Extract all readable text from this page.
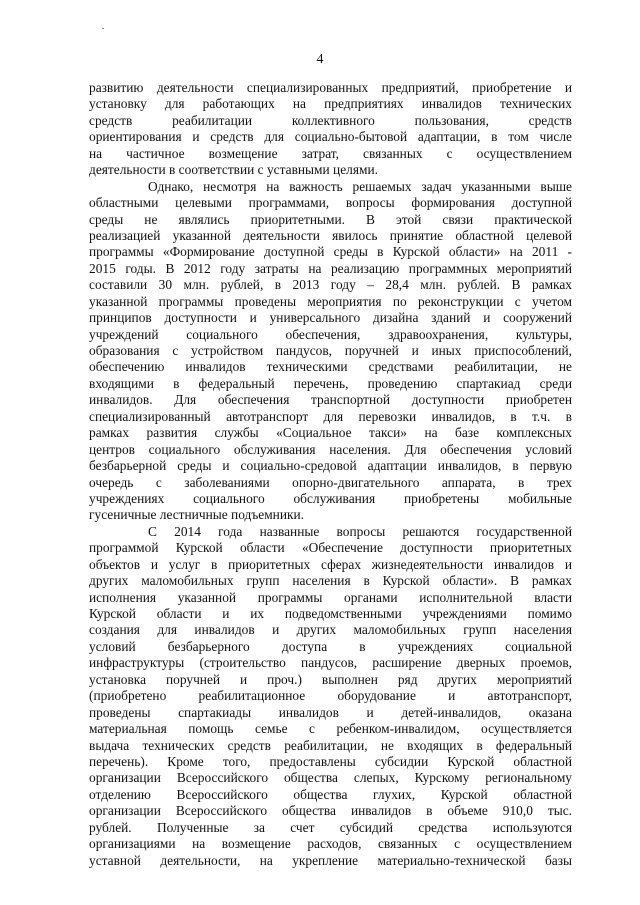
4
развитию деятельности специализированных предприятий, приобретение и
установку для работающих на предприятиях инвалидов технических
средств реабилитации коллективного пользования, средств
ориентирования и средств для социально-бытовой адаптации, в том числе
на частичное возмещение затрат, связанных с осуществлением
деятельности в соответствии с уставными целями.
Однако, несмотря на важность решаемых задач указанными выше
областными целевыми программами, вопросы формирования доступной
среды не являлись приоритетными. В этой связи практической
реализацией указанной деятельности явилось принятие областной целевой
программы «Формирование доступной среды в Курской области» на 2011 -
2015 годы. В 2012 году затраты на реализацию программных мероприятий
составили 30 млн. рублей, в 2013 году – 28,4 млн. рублей. В рамках
указанной программы проведены мероприятия по реконструкции с учетом
принципов доступности и универсального дизайна зданий и сооружений
учреждений социального обеспечения, здравоохранения, культуры,
образования с устройством пандусов, поручней и иных приспособлений,
обеспечению инвалидов техническими средствами реабилитации, не
входящими в федеральный перечень, проведению спартакиад среди
инвалидов. Для обеспечения транспортной доступности приобретен
специализированный автотранспорт для перевозки инвалидов, в т.ч. в
рамках развития службы «Социальное такси» на базе комплексных
центров социального обслуживания населения. Для обеспечения условий
безбарьерной среды и социально-средовой адаптации инвалидов, в первую
очередь с заболеваниями опорно-двигательного аппарата, в трех
учреждениях социального обслуживания приобретены мобильные
гусеничные лестничные подъемники.
С 2014 года названные вопросы решаются государственной
программой Курской области «Обеспечение доступности приоритетных
объектов и услуг в приоритетных сферах жизнедеятельности инвалидов и
других маломобильных групп населения в Курской области». В рамках
исполнения указанной программы органами исполнительной власти
Курской области и их подведомственными учреждениями помимо
создания для инвалидов и других маломобильных групп населения
условий безбарьерного доступа в учреждениях социальной
инфраструктуры (строительство пандусов, расширение дверных проемов,
установка поручней и проч.) выполнен ряд других мероприятий
(приобретено реабилитационное оборудование и автотранспорт,
проведены спартакиады инвалидов и детей-инвалидов, оказана
материальная помощь семье с ребенком-инвалидом, осуществляется
выдача технических средств реабилитации, не входящих в федеральный
перечень). Кроме того, предоставлены субсидии Курской областной
организации Всероссийского общества слепых, Курскому региональному
отделению Всероссийского общества глухих, Курской областной
организации Всероссийского общества инвалидов в объеме 910,0 тыс.
рублей. Полученные за счет субсидий средства используются
организациями на возмещение расходов, связанных с осуществлением
уставной деятельности, на укрепление материально-технической базы
